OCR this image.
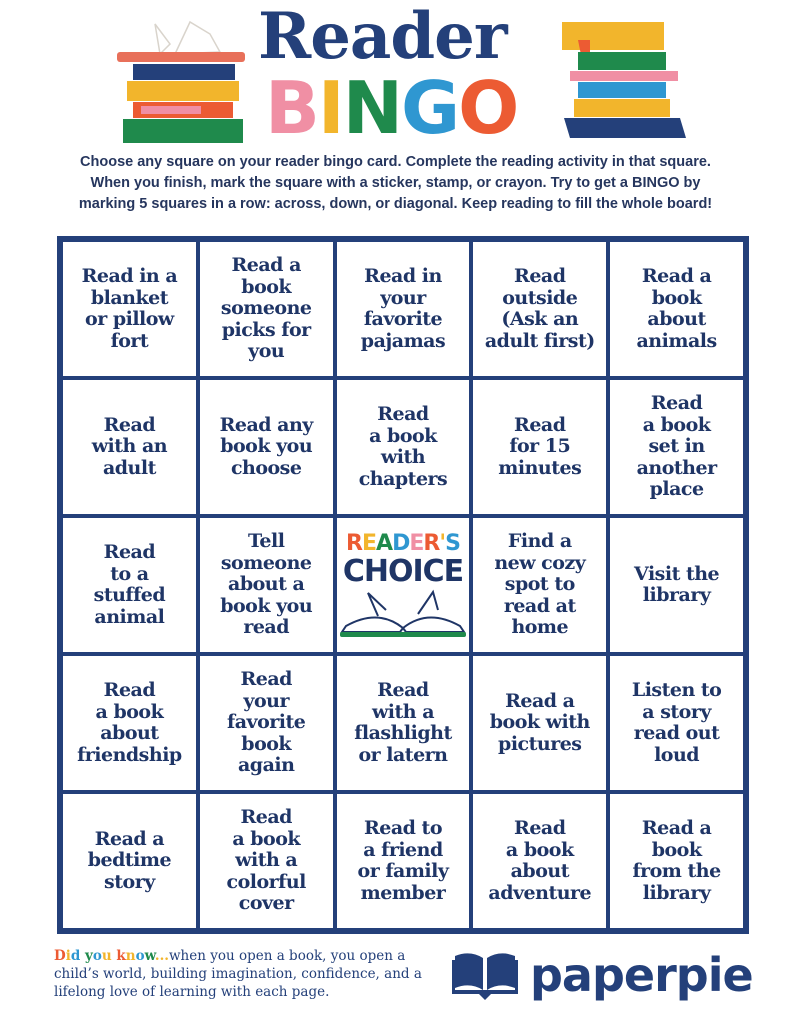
Reader
BINGO
Choose any square on your reader bingo card. Complete the reading activity in that square.
When you finish, mark the square with a sticker, stamp, or crayon. Try to get a BINGO by
marking 5 squares in a row: across, down, or diagonal. Keep reading to fill the whole board!
Read in a
blanket
or pillow
fort
Read a
book
someone
picks for
you
Read in
your
favorite
pajamas
Read
outside
(Ask an
adult first)
Read a
book
about
animals
Read
with an
adult
Read any
book you
choose
Read
a book
with
chapters
Read
for 15
minutes
Read
a book
set in
another
place
Read
to a
stuffed
animal
Tell
someone
about a
book you
read
READER'S
CHOICE
Find a
new cozy
spot to
read at
home
Visit the
library
Read
a book
about
friendship
Read
your
favorite
book
again
Read
with a
flashlight
or latern
Read a
book with
pictures
Listen to
a story
read out
loud
Read a
bedtime
story
Read
a book
with a
colorful
cover
Read to
a friend
or family
member
Read
a book
about
adventure
Read a
book
from the
library
Did you know...when you open a book, you open a child’s world, building imagination, confidence, and a lifelong love of learning with each page.	paperpie
